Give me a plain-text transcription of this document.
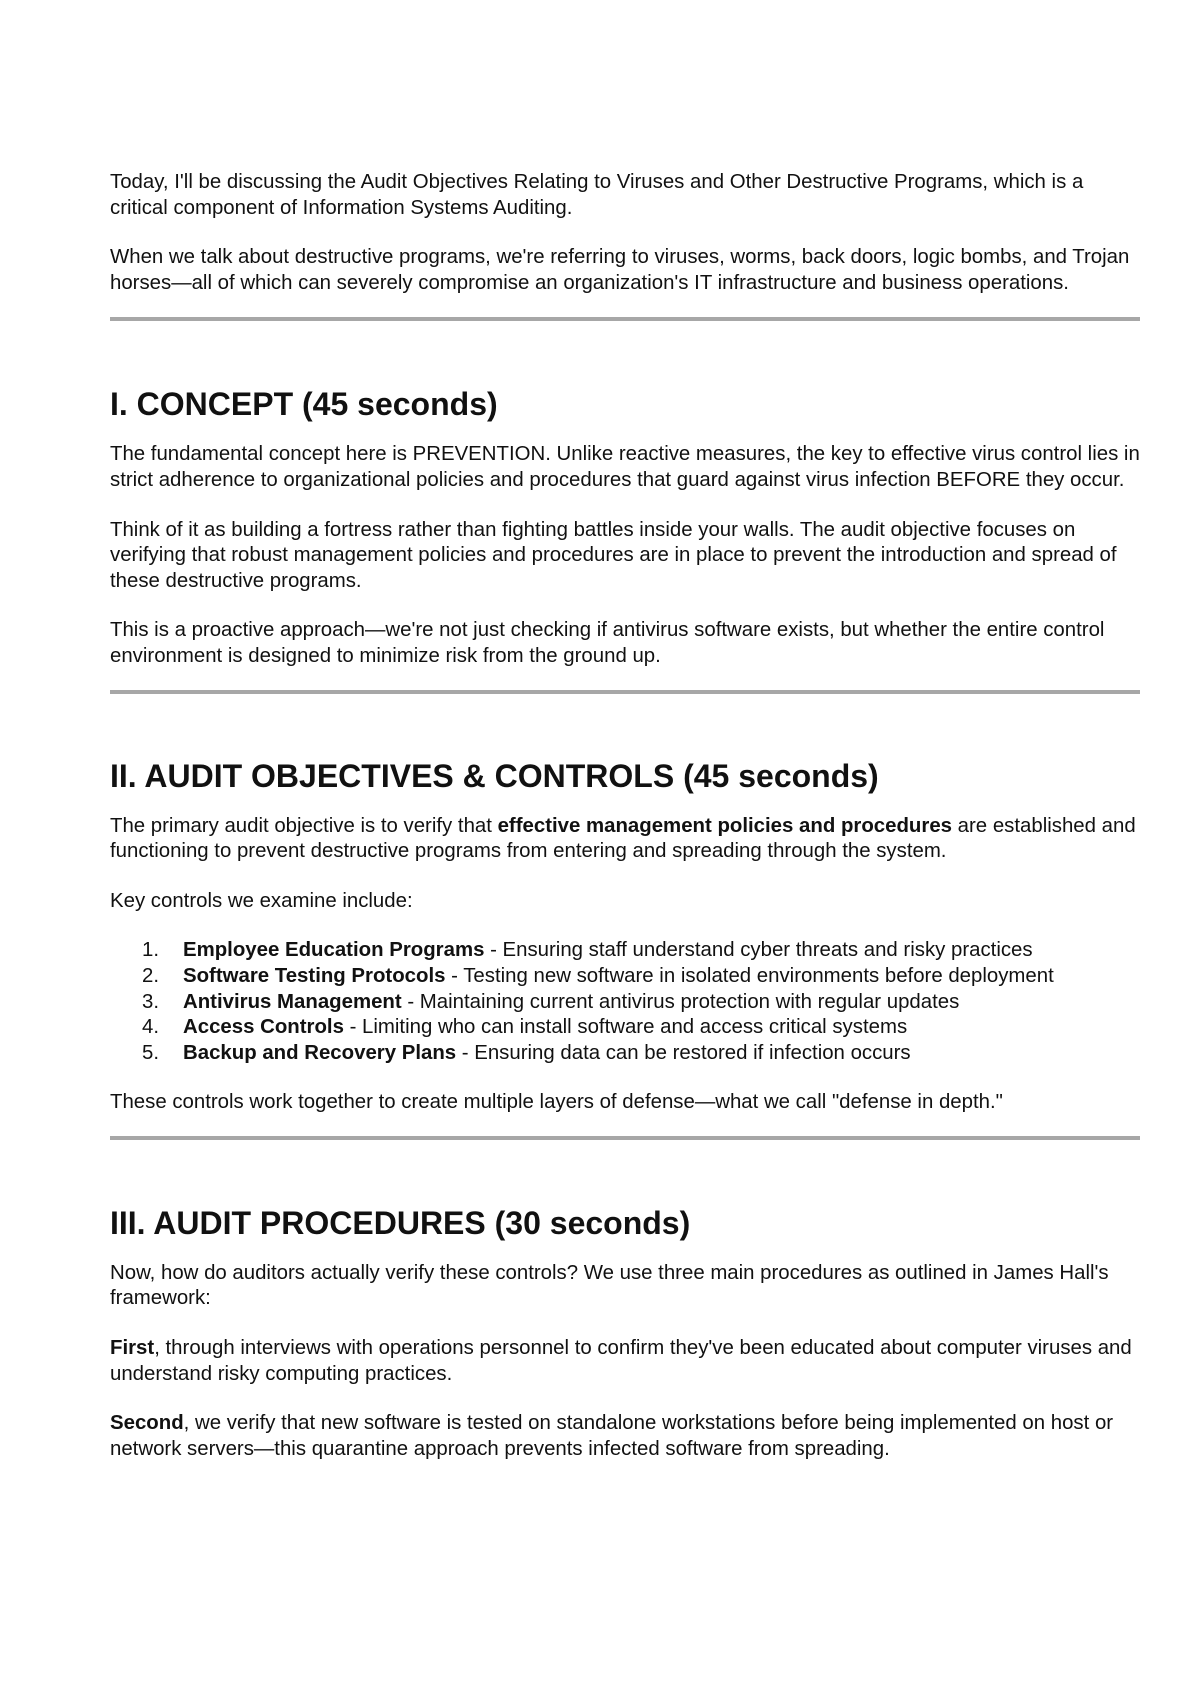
Today, I'll be discussing the Audit Objectives Relating to Viruses and Other Destructive Programs, which is a critical component of Information Systems Auditing.

When we talk about destructive programs, we're referring to viruses, worms, back doors, logic bombs, and Trojan horses—all of which can severely compromise an organization's IT infrastructure and business operations.

I. CONCEPT (45 seconds)

The fundamental concept here is PREVENTION. Unlike reactive measures, the key to effective virus control lies in strict adherence to organizational policies and procedures that guard against virus infection BEFORE they occur.

Think of it as building a fortress rather than fighting battles inside your walls. The audit objective focuses on verifying that robust management policies and procedures are in place to prevent the introduction and spread of these destructive programs.

This is a proactive approach—we're not just checking if antivirus software exists, but whether the entire control environment is designed to minimize risk from the ground up.

II. AUDIT OBJECTIVES & CONTROLS (45 seconds)

The primary audit objective is to verify that effective management policies and procedures are established and functioning to prevent destructive programs from entering and spreading through the system.

Key controls we examine include:

1. Employee Education Programs - Ensuring staff understand cyber threats and risky practices
2. Software Testing Protocols - Testing new software in isolated environments before deployment
3. Antivirus Management - Maintaining current antivirus protection with regular updates
4. Access Controls - Limiting who can install software and access critical systems
5. Backup and Recovery Plans - Ensuring data can be restored if infection occurs

These controls work together to create multiple layers of defense—what we call "defense in depth."

III. AUDIT PROCEDURES (30 seconds)

Now, how do auditors actually verify these controls? We use three main procedures as outlined in James Hall's framework:

First, through interviews with operations personnel to confirm they've been educated about computer viruses and understand risky computing practices.

Second, we verify that new software is tested on standalone workstations before being implemented on host or network servers—this quarantine approach prevents infected software from spreading.
